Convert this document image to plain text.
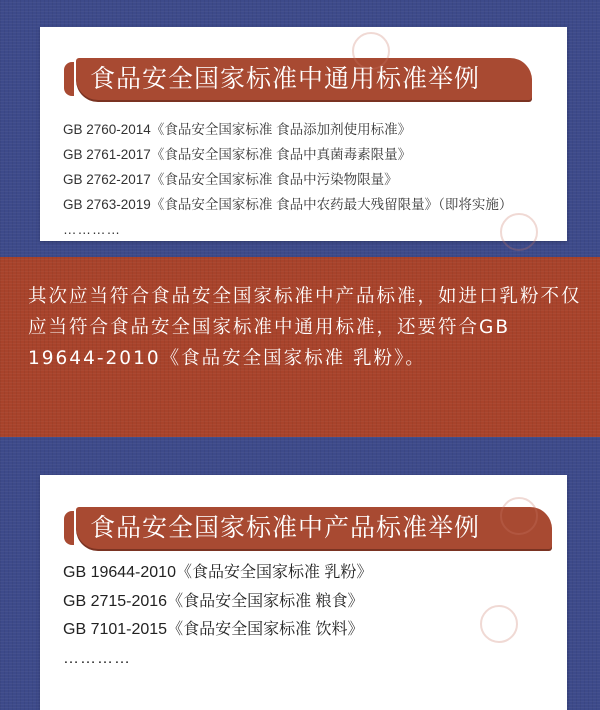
食品安全国家标准中通用标准举例
GB 2760-2014《食品安全国家标准 食品添加剂使用标准》
GB 2761-2017《食品安全国家标准 食品中真菌毒素限量》
GB 2762-2017《食品安全国家标准 食品中污染物限量》
GB 2763-2019《食品安全国家标准 食品中农药最大残留限量》（即将实施）
…………
其次应当符合食品安全国家标准中产品标准，如进口乳粉不仅应当符合食品安全国家标准中通用标准，还要符合GB 19644-2010《食品安全国家标准 乳粉》。
食品安全国家标准中产品标准举例
GB 19644-2010《食品安全国家标准 乳粉》
GB 2715-2016《食品安全国家标准 粮食》
GB 7101-2015《食品安全国家标准 饮料》
…………
